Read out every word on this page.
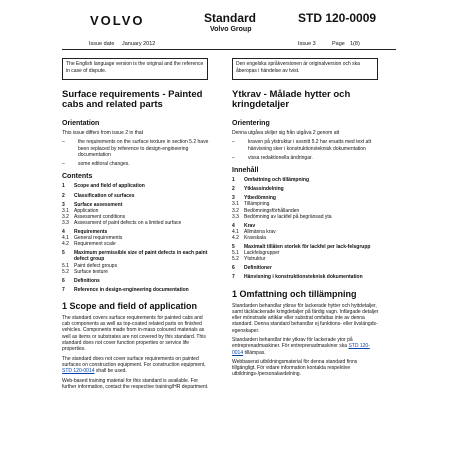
VOLVO	Standard
Volvo Group
STD 120-0009
Issue date January 2012	Issue 3	Page 1(8)
The English language version is the original and the reference in case of dispute.
Den engelska språkversionen är originalversion och ska åberopas i händelse av tvist.
Surface requirements - Painted cabs and related parts
Orientation
This issue differs from issue 2 in that
–	the requirements on the surface texture in section 5.2 have been replaced by reference to design-engineering documentation
–	some editoral changes.
Contents
1	Scope and field of application
2	Classification of surfaces
3	Surface assessment
3.1	Application
3.2	Assessment conditions
3.3	Assessment of paint defects on a limited surface
4	Requirements
4.1	General requirements
4.2	Requirement scale
5	Maximum permissible size of paint defects in each paint defect group
5.1	Paint defect groups
5.2	Surface texture
6	Definitions
7	Reference in design-engineering documentation
1 Scope and field of application
The standard covers surface requirements for painted cabs and cab components as well as top-coated related parts on finished vehicles. Components made from in-mass coloured materials as well as items or substrates are not covered by this standard. This standard does not cover function properties or service life properties.
The standard does not cover surface requirements on painted surfaces on construction equipment. For construction equipment, STD 120-0014 shall be used.
Web-based training material for this standard is available. For further information, contact the respective training/HR department.
Ytkrav - Målade hytter och kringdetaljer
Orientering
Denna utgåva skiljer sig från utgåva 2 genom att
–	kraven på ytstruktur i avsnitt 5.2 har ersatts med text att hänvisning sker i konstruktionsteknisk dokumentation
–	vissa redaktionella ändringar.
Innehåll
1	Omfattning och tillämpning
2	Ytklassindelning
3	Ytbedömning
3.1	Tillämpning
3.2	Bedömningsförhållanden
3.3	Bedömning av lackfel på begränsad yta
4	Krav
4.1	Allmänna krav
4.2	Kravskala
5	Maximalt tillåten storlek för lackfel per lack-felsgrupp
5.1	Lackfelsgrupper
5.2	Ytstruktur
6	Definitioner
7	Hänvisning i konstruktionsteknisk dokumentation
1 Omfattning och tillämpning
Standarden behandlar ytkrav för lackerade hytter och hyttdetaljer, samt täcklackerade kringdetaljer på färdig vagn. Infärgade detaljer eller mönstrade artiklar eller substrat omfattas inte av denna standard. Denna standard behandlar ej funktions- eller livslängds-egenskaper.
Standarden behandlar inte ytkrav för lackerade ytor på entreprenadmaskiner. För entreprenadmaskiner ska STD 120-0014 tillämpas.
Webbaserat utbildningsmaterial för denna standard finns tillgängligt. För vidare information kontakta respektive utbildnings-/personalavdelning.
